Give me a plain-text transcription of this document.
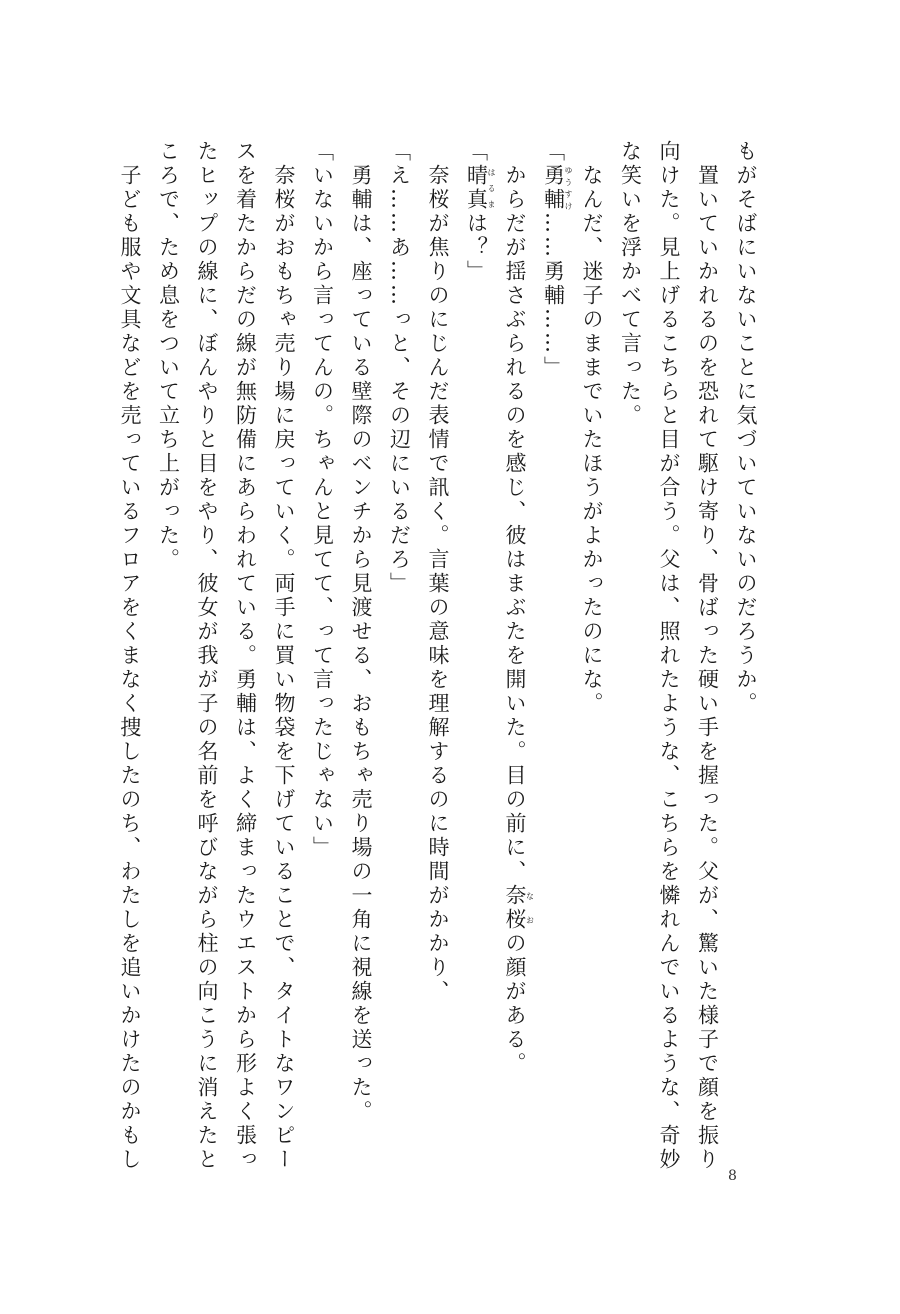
もがそばにいないことに気づいていないのだろうか。
　置いていかれるのを恐れて駆け寄り、骨ばった硬い手を握った。父が、驚いた様子で顔を振り
向けた。見上げるこちらと目が合う。父は、照れたような、こちらを憐れんでいるような、奇妙
な笑いを浮かべて言った。
　なんだ、迷子のままでいたほうがよかったのにな。
「勇輔ゆうすけ……勇輔……」
　からだが揺さぶられるのを感じ、彼はまぶたを開いた。目の前に、奈桜なおの顔がある。
「晴真はるまは？」
　奈桜が焦りのにじんだ表情で訊く。言葉の意味を理解するのに時間がかかり、
「え……あ……っと、その辺にいるだろ」
　勇輔は、座っている壁際のベンチから見渡せる、おもちゃ売り場の一角に視線を送った。
「いないから言ってんの。ちゃんと見てて、って言ったじゃない」
　奈桜がおもちゃ売り場に戻っていく。両手に買い物袋を下げていることで、タイトなワンピー
スを着たからだの線が無防備にあらわれている。勇輔は、よく締まったウエストから形よく張っ
たヒップの線に、ぼんやりと目をやり、彼女が我が子の名前を呼びながら柱の向こうに消えたと
ころで、ため息をついて立ち上がった。
　子ども服や文具などを売っているフロアをくまなく捜したのち、わたしを追いかけたのかもし
8
